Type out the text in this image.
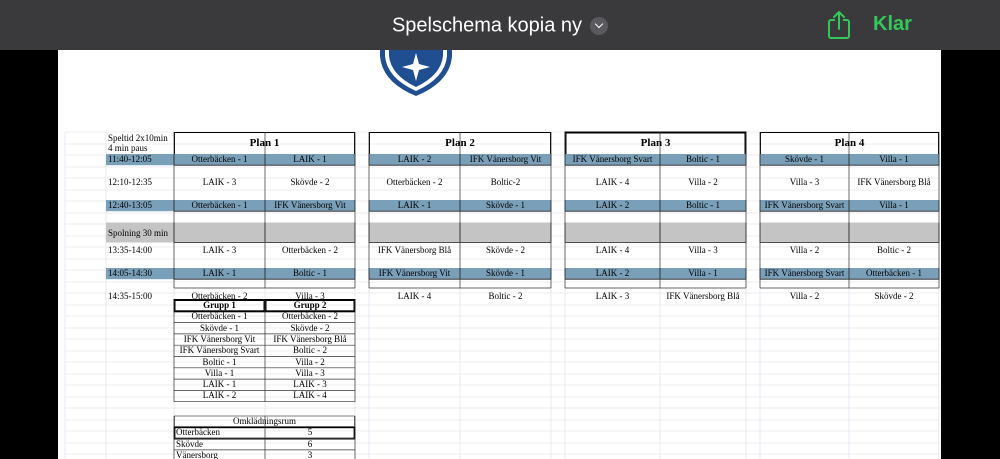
Spelschema kopia ny	Klar
Speltid 2x10min
4 min paus	Plan 1	Plan 2	Plan 3	Plan 4
11:40-12:05	Otterbäcken - 1	LAIK - 1	LAIK - 2	IFK Vänersborg Vit	IFK Vänersborg Svart	Boltic - 1	Skövde - 1	Villa - 1
12:10-12:35	LAIK - 3	Skövde - 2	Otterbäcken - 2	Boltic-2	LAIK - 4	Villa - 2	Villa - 3	IFK Vänersborg Blå
12:40-13:05	Otterbäcken - 1	IFK Vänersborg Vit	LAIK - 1	Skövde - 1	LAIK - 2	Boltic - 1	IFK Vänersborg Svart	Villa - 1
Spolning 30 min
13:35-14:00	LAIK - 3	Otterbäcken - 2	IFK Vänersborg Blå	Skövde - 2	LAIK - 4	Villa - 3	Villa - 2	Boltic - 2
14:05-14:30	LAIK - 1	Boltic - 1	IFK Vänersborg Vit	Skövde - 1	LAIK - 2	Villa - 1	IFK Vänersborg Svart	Otterbäcken - 1
14:35-15:00	Otterbäcken - 2	Villa - 3	LAIK - 4	Boltic - 2	LAIK - 3	IFK Vänersborg Blå	Villa - 2	Skövde - 2
Grupp 1	Grupp 2
Otterbäcken - 1	Otterbäcken - 2
Skövde - 1	Skövde - 2
IFK Vänersborg Vit	IFK Vänersborg Blå
IFK Vänersborg Svart	Boltic - 2
Boltic - 1	Villa - 2
Villa - 1	Villa - 3
LAIK - 1	LAIK - 3
LAIK - 2	LAIK - 4
Omklädningsrum
Otterbäcken	5
Skövde	6
Vänersborg	3
